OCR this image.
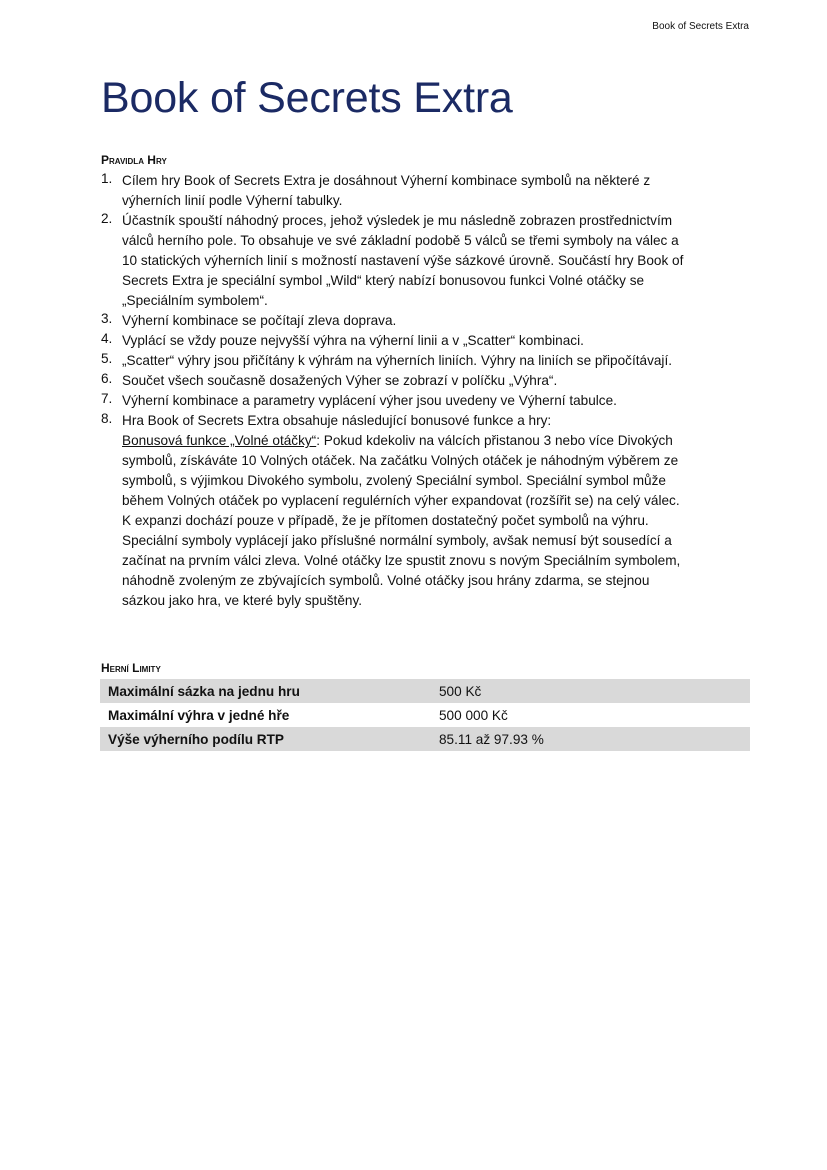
Book of Secrets Extra
Book of Secrets Extra
Pravidla Hry
1. Cílem hry Book of Secrets Extra je dosáhnout Výherní kombinace symbolů na některé z
výherních linií podle Výherní tabulky.
2. Účastník spouští náhodný proces, jehož výsledek je mu následně zobrazen prostřednictvím
válců herního pole. To obsahuje ve své základní podobě 5 válců se třemi symboly na válec a
10 statických výherních linií s možností nastavení výše sázkové úrovně. Součástí hry Book of
Secrets Extra je speciální symbol „Wild“ který nabízí bonusovou funkci Volné otáčky se
„Speciálním symbolem“.
3. Výherní kombinace se počítají zleva doprava.
4. Vyplácí se vždy pouze nejvyšší výhra na výherní linii a v „Scatter“ kombinaci.
5. „Scatter“ výhry jsou přičítány k výhrám na výherních liniích. Výhry na liniích se připočítávají.
6. Součet všech současně dosažených Výher se zobrazí v políčku „Výhra“.
7. Výherní kombinace a parametry vyplácení výher jsou uvedeny ve Výherní tabulce.
8. Hra Book of Secrets Extra obsahuje následující bonusové funkce a hry:
Bonusová funkce „Volné otáčky“: Pokud kdekoliv na válcích přistanou 3 nebo více Divokých
symbolů, získáváte 10 Volných otáček. Na začátku Volných otáček je náhodným výběrem ze
symbolů, s výjimkou Divokého symbolu, zvolený Speciální symbol. Speciální symbol může
během Volných otáček po vyplacení regulérních výher expandovat (rozšířit se) na celý válec.
K expanzi dochází pouze v případě, že je přítomen dostatečný počet symbolů na výhru.
Speciální symboly vyplácejí jako příslušné normální symboly, avšak nemusí být sousedící a
začínat na prvním válci zleva. Volné otáčky lze spustit znovu s novým Speciálním symbolem,
náhodně zvoleným ze zbývajících symbolů. Volné otáčky jsou hrány zdarma, se stejnou
sázkou jako hra, ve které byly spuštěny.
Herní Limity
Maximální sázka na jednu hru	500 Kč
Maximální výhra v jedné hře	500 000 Kč
Výše výherního podílu RTP	85.11 až 97.93 %
